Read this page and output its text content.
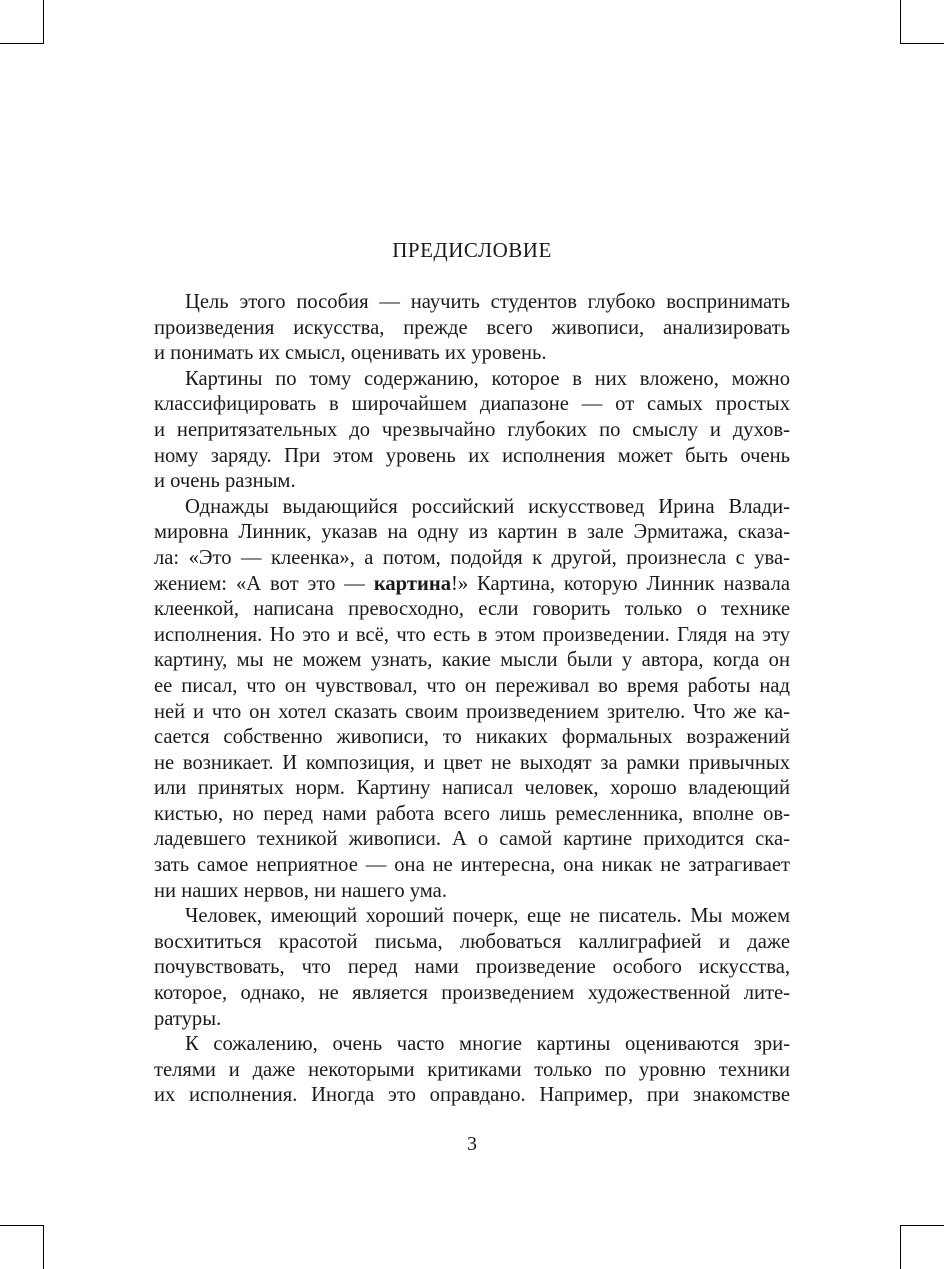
ПРЕДИСЛОВИЕ
Цель этого пособия — научить студентов глубоко воспринимать
произведения искусства, прежде всего живописи, анализировать
и понимать их смысл, оценивать их уровень.
Картины по тому содержанию, которое в них вложено, можно
классифицировать в широчайшем диапазоне — от самых простых
и непритязательных до чрезвычайно глубоких по смыслу и духов-
ному заряду. При этом уровень их исполнения может быть очень
и очень разным.
Однажды выдающийся российский искусствовед Ирина Влади-
мировна Линник, указав на одну из картин в зале Эрмитажа, сказа-
ла: «Это — клеенка», а потом, подойдя к другой, произнесла с ува-
жением: «А вот это — картина!» Картина, которую Линник назвала
клеенкой, написана превосходно, если говорить только о технике
исполнения. Но это и всё, что есть в этом произведении. Глядя на эту
картину, мы не можем узнать, какие мысли были у автора, когда он
ее писал, что он чувствовал, что он переживал во время работы над
ней и что он хотел сказать своим произведением зрителю. Что же ка-
сается собственно живописи, то никаких формальных возражений
не возникает. И композиция, и цвет не выходят за рамки привычных
или принятых норм. Картину написал человек, хорошо владеющий
кистью, но перед нами работа всего лишь ремесленника, вполне ов-
ладевшего техникой живописи. А о самой картине приходится ска-
зать самое неприятное — она не интересна, она никак не затрагивает
ни наших нервов, ни нашего ума.
Человек, имеющий хороший почерк, еще не писатель. Мы можем
восхититься красотой письма, любоваться каллиграфией и даже
почувствовать, что перед нами произведение особого искусства,
которое, однако, не является произведением художественной лите-
ратуры.
К сожалению, очень часто многие картины оцениваются зри-
телями и даже некоторыми критиками только по уровню техники
их исполнения. Иногда это оправдано. Например, при знакомстве
3
